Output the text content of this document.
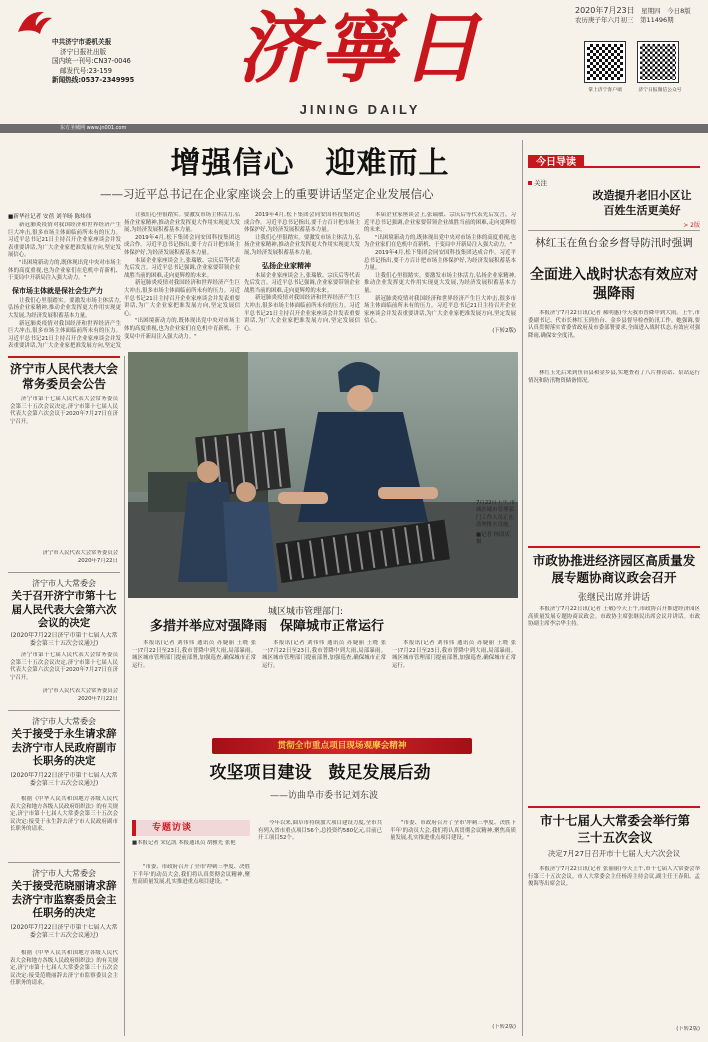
中共济宁市委机关报
济宁日报社出版
国内统一刊号:CN37-0046
邮发代号:23-159
新闻热线:0537-2349995	济寧日
JINING DAILY
2020年7月23日　 星期四　 今日8版
农历庚子年六月初三　 第11496期
掌上济宁客户端	济宁日报微信公众号
东方圣城网 www.jn001.com
增强信心　迎难而上
——习近平总书记在企业家座谈会上的重要讲话坚定企业发展信心
■新华社记者 安蓓 刘羊旸 陈炜伟

新冠肺炎疫情对我国经济和世界经济产生巨大冲击,很多市场主体面临前所未有的压力。习近平总书记21日主持召开企业家座谈会并发表重要讲话,为广大企业家把准发展方向,坚定发展信心。

"出困境新动力的,既体现出党中央对市场主体的高度重视,也为企业家们在危机中育新机、于变局中开新局注入强大动力。"

保市场主体就是保社会生产力

让我们心里很踏实。要激发市场主体活力,弘扬企业家精神,推动企业发挥更大作用实现更大发展,为经济发展积蓄基本力量。

新冠肺炎疫情对我国经济和世界经济产生巨大冲击,很多市场主体面临前所未有的压力。习近平总书记21日主持召开企业家座谈会并发表重要讲话,为广大企业家把准发展方向,坚定发

让我们心里很踏实。要激发市场主体活力,弘扬企业家精神,推动企业发挥更大作用实现更大发展,为经济发展积蓄基本力量。

2019年4月,松下集团会同安国科技集团达成合作。习近平总书记指出,要千方百计把市场主体保护好,为经济发展积蓄基本力量。

本届企业家座谈会上,张瑞敏、宗庆后等代表先后发言。习近平总书记强调,企业家要带领企业战胜当前的困难,走向更辉煌的未来。

新冠肺炎疫情对我国经济和世界经济产生巨大冲击,很多市场主体面临前所未有的压力。习近平总书记21日主持召开企业家座谈会并发表重要讲话,为广大企业家把准发展方向,坚定发展信心。

"出困境新动力的,既体现出党中央对市场主体的高度重视,也为企业家们在危机中育新机、于变局中开新局注入强大动力。"

2019年4月,松下集团会同安国科技集团达成合作。习近平总书记指出,要千方百计把市场主体保护好,为经济发展积蓄基本力量。

让我们心里很踏实。要激发市场主体活力,弘扬企业家精神,推动企业发挥更大作用实现更大发展,为经济发展积蓄基本力量。

弘扬企业家精神

本届企业家座谈会上,张瑞敏、宗庆后等代表先后发言。习近平总书记强调,企业家要带领企业战胜当前的困难,走向更辉煌的未来。

新冠肺炎疫情对我国经济和世界经济产生巨大冲击,很多市场主体面临前所未有的压力。习近平总书记21日主持召开企业家座谈会并发表重要讲话,为广大企业家把准发展方向,坚定发展信心。

本届企业家座谈会上,张瑞敏、宗庆后等代表先后发言。习近平总书记强调,企业家要带领企业战胜当前的困难,走向更辉煌的未来。

"出困境新动力的,既体现出党中央对市场主体的高度重视,也为企业家们在危机中育新机、于变局中开新局注入强大动力。"

2019年4月,松下集团会同安国科技集团达成合作。习近平总书记指出,要千方百计把市场主体保护好,为经济发展积蓄基本力量。

让我们心里很踏实。要激发市场主体活力,弘扬企业家精神,推动企业发挥更大作用实现更大发展,为经济发展积蓄基本力量。

新冠肺炎疫情对我国经济和世界经济产生巨大冲击,很多市场主体面临前所未有的压力。习近平总书记21日主持召开企业家座谈会并发表重要讲话,为广大企业家把准发展方向,坚定发展信心。

(下转2版)
济宁市人民代表大会常务委员会公告
济宁市第十七届人民代表大会常务委员会第三十五次会议决定,济宁市第十七届人民代表大会第六次会议于2020年7月27日在济宁召开。
济宁市人民代表大会常务委员会
2020年7月22日
济宁市人大常委会
关于召开济宁市第十七届人民代表大会第六次会议的决定
(2020年7月22日济宁市第十七届人大常委会第三十五次会议通过)
济宁市第十七届人民代表大会常务委员会第三十五次会议决定,济宁市第十七届人民代表大会第六次会议于2020年7月27日在济宁召开。
济宁市人民代表大会常务委员会
2020年7月22日
济宁市人大常委会
关于接受于永生请求辞去济宁市人民政府副市长职务的决定
(2020年7月22日济宁市第十七届人大常委会第三十五次会议通过)
根据《中华人民共和国地方各级人民代表大会和地方各级人民政府组织法》的有关规定,济宁市第十七届人大常委会第三十五次会议决定:接受于永生辞去济宁市人民政府副市长职务的请求。
济宁市人大常委会
关于接受范晓丽请求辞去济宁市监察委员会主任职务的决定
(2020年7月22日济宁市第十七届人大常委会第三十五次会议通过)
根据《中华人民共和国地方各级人民代表大会和地方各级人民政府组织法》的有关规定,济宁市第十七届人大常委会第三十五次会议决定:接受范晓丽辞去济宁市监察委员会主任职务的请求。
7月22日上午,市城区城市管理部门工作人员正在清理排水设施。
■记者 杨国庆 摄
城区城市管理部门:
多措并举应对强降雨　保障城市正常运行
本报讯(记者 刘伟伟 通讯员 苏婕丽 王晓 张一)7月22日至23日,我市普降中到大雨,局部暴雨。城区城市管理部门提前部署,加强巡查,确保城市正常运行。
本报讯(记者 刘伟伟 通讯员 苏婕丽 王晓 张一)7月22日至23日,我市普降中到大雨,局部暴雨。城区城市管理部门提前部署,加强巡查,确保城市正常运行。
本报讯(记者 刘伟伟 通讯员 苏婕丽 王晓 张一)7月22日至23日,我市普降中到大雨,局部暴雨。城区城市管理部门提前部署,加强巡查,确保城市正常运行。
贯彻全市重点项目现场观摩会精神
攻坚项目建设　鼓足发展后劲
——访曲阜市委书记刘东波
专题访谈
■本报记者 宋亿凯 本报通讯员 胡雅光 张艳
"市委、市政府召开了全市'冲刺三季度、决胜下半年'的动员大会,我们将认真贯彻会议精神,聚焦高质量发展,扎实推进重点项目建设。"
今年以来,曲阜市持续加大项目建设力度,全市共有列入省市重点项目56个,总投资约580亿元,目前已开工项目52个。
"市委、市政府召开了全市'冲刺三季度、决胜下半年'的动员大会,我们将认真贯彻会议精神,聚焦高质量发展,扎实推进重点项目建设。"
(下转2版)
今日导读
关注
改造提升老旧小区让百姓生活更美好
> 2版
林红玉在鱼台金乡督导防汛时强调
全面进入战时状态有效应对强降雨
本报济宁7月22日讯(记者 郝明惠)今天我市普降中到大雨。上午,市委副书记、代市长林红玉到鱼台、金乡县督导检查防汛工作。她强调,要认真贯彻落实省委省政府及市委部署要求,全面进入战时状态,有效应对强降雨,确保安全度汛。
林红玉先后来到鱼台县和金乡县,实地查看了八片排涝站、泵站运行情况和防汛物资储备情况。
市政协推进经济园区高质量发展专题协商议政会召开
张继民出席并讲话
本报济宁7月22日讯(记者 王敬)今天上午,市政协召开推进经济园区高质量发展专题协商议政会。市政协主席张继民出席会议并讲话。市政协副主席李宗华主持。
市十七届人大常委会举行第三十五次会议
决定7月27日召开市十七届人大六次会议
本报济宁7月22日讯(记者 张丽丽)今天上午,市十七届人大常委会举行第三十五次会议。市人大常委会主任杨涛主持会议,副主任王春阳、孟俊海等出席会议。
(下转2版)
